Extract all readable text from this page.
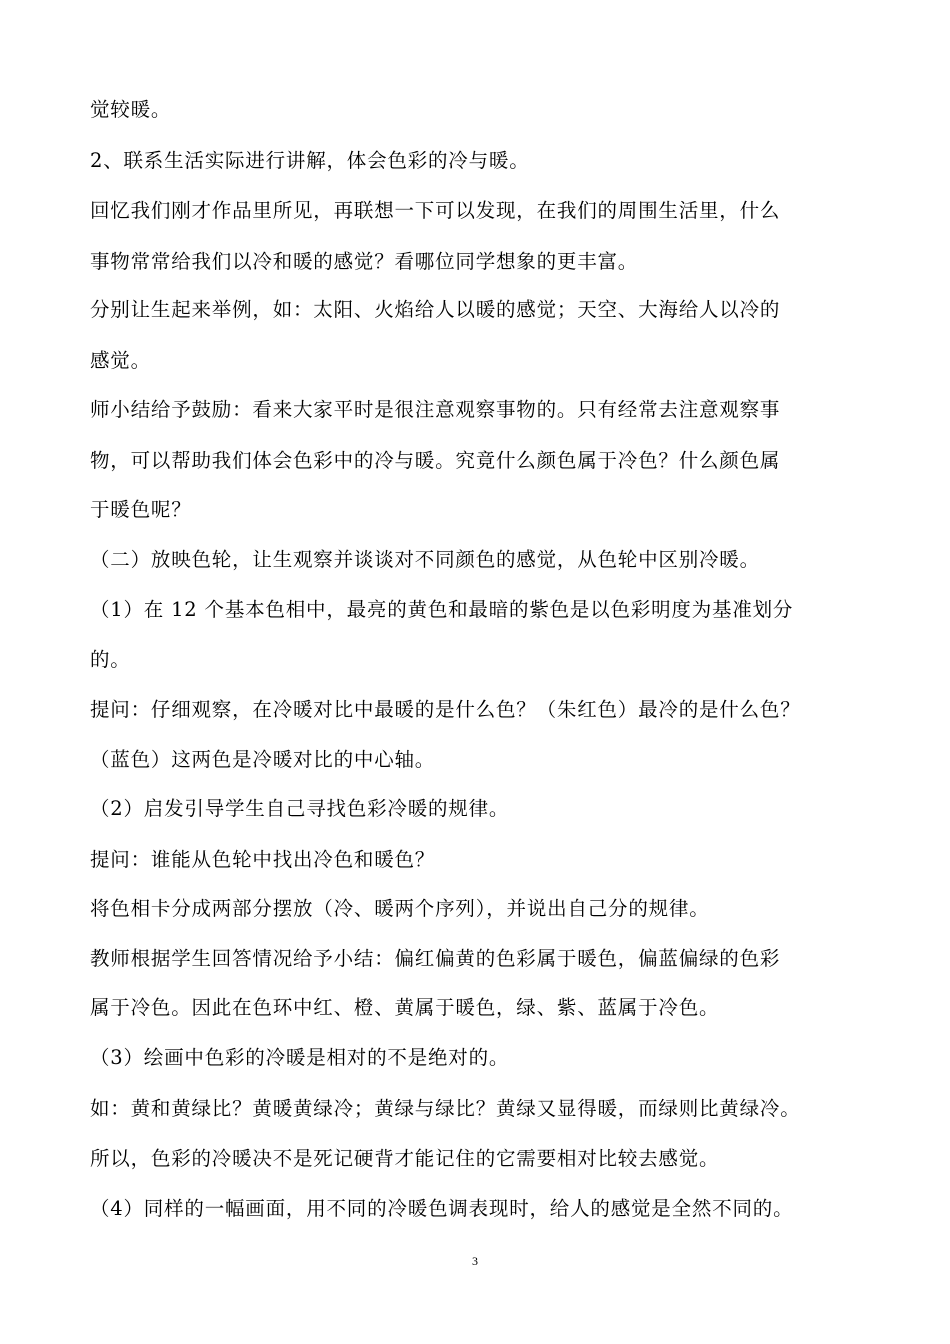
觉较暖。
2、联系生活实际进行讲解，体会色彩的冷与暖。
回忆我们刚才作品里所见，再联想一下可以发现，在我们的周围生活里，什么
事物常常给我们以冷和暖的感觉？看哪位同学想象的更丰富。
分别让生起来举例，如：太阳、火焰给人以暖的感觉；天空、大海给人以冷的
感觉。
师小结给予鼓励：看来大家平时是很注意观察事物的。只有经常去注意观察事
物，可以帮助我们体会色彩中的冷与暖。究竟什么颜色属于冷色？什么颜色属
于暖色呢？
（二）放映色轮，让生观察并谈谈对不同颜色的感觉，从色轮中区别冷暖。
（1）在 12 个基本色相中，最亮的黄色和最暗的紫色是以色彩明度为基准划分
的。
提问：仔细观察，在冷暖对比中最暖的是什么色？（朱红色）最冷的是什么色？
（蓝色）这两色是冷暖对比的中心轴。
（2）启发引导学生自己寻找色彩冷暖的规律。
提问：谁能从色轮中找出冷色和暖色？
将色相卡分成两部分摆放（冷、暖两个序列），并说出自己分的规律。
教师根据学生回答情况给予小结：偏红偏黄的色彩属于暖色，偏蓝偏绿的色彩
属于冷色。因此在色环中红、橙、黄属于暖色，绿、紫、蓝属于冷色。
（3）绘画中色彩的冷暖是相对的不是绝对的。
如：黄和黄绿比？黄暖黄绿冷；黄绿与绿比？黄绿又显得暖，而绿则比黄绿冷。
所以，色彩的冷暖决不是死记硬背才能记住的它需要相对比较去感觉。
（4）同样的一幅画面，用不同的冷暖色调表现时，给人的感觉是全然不同的。
3
